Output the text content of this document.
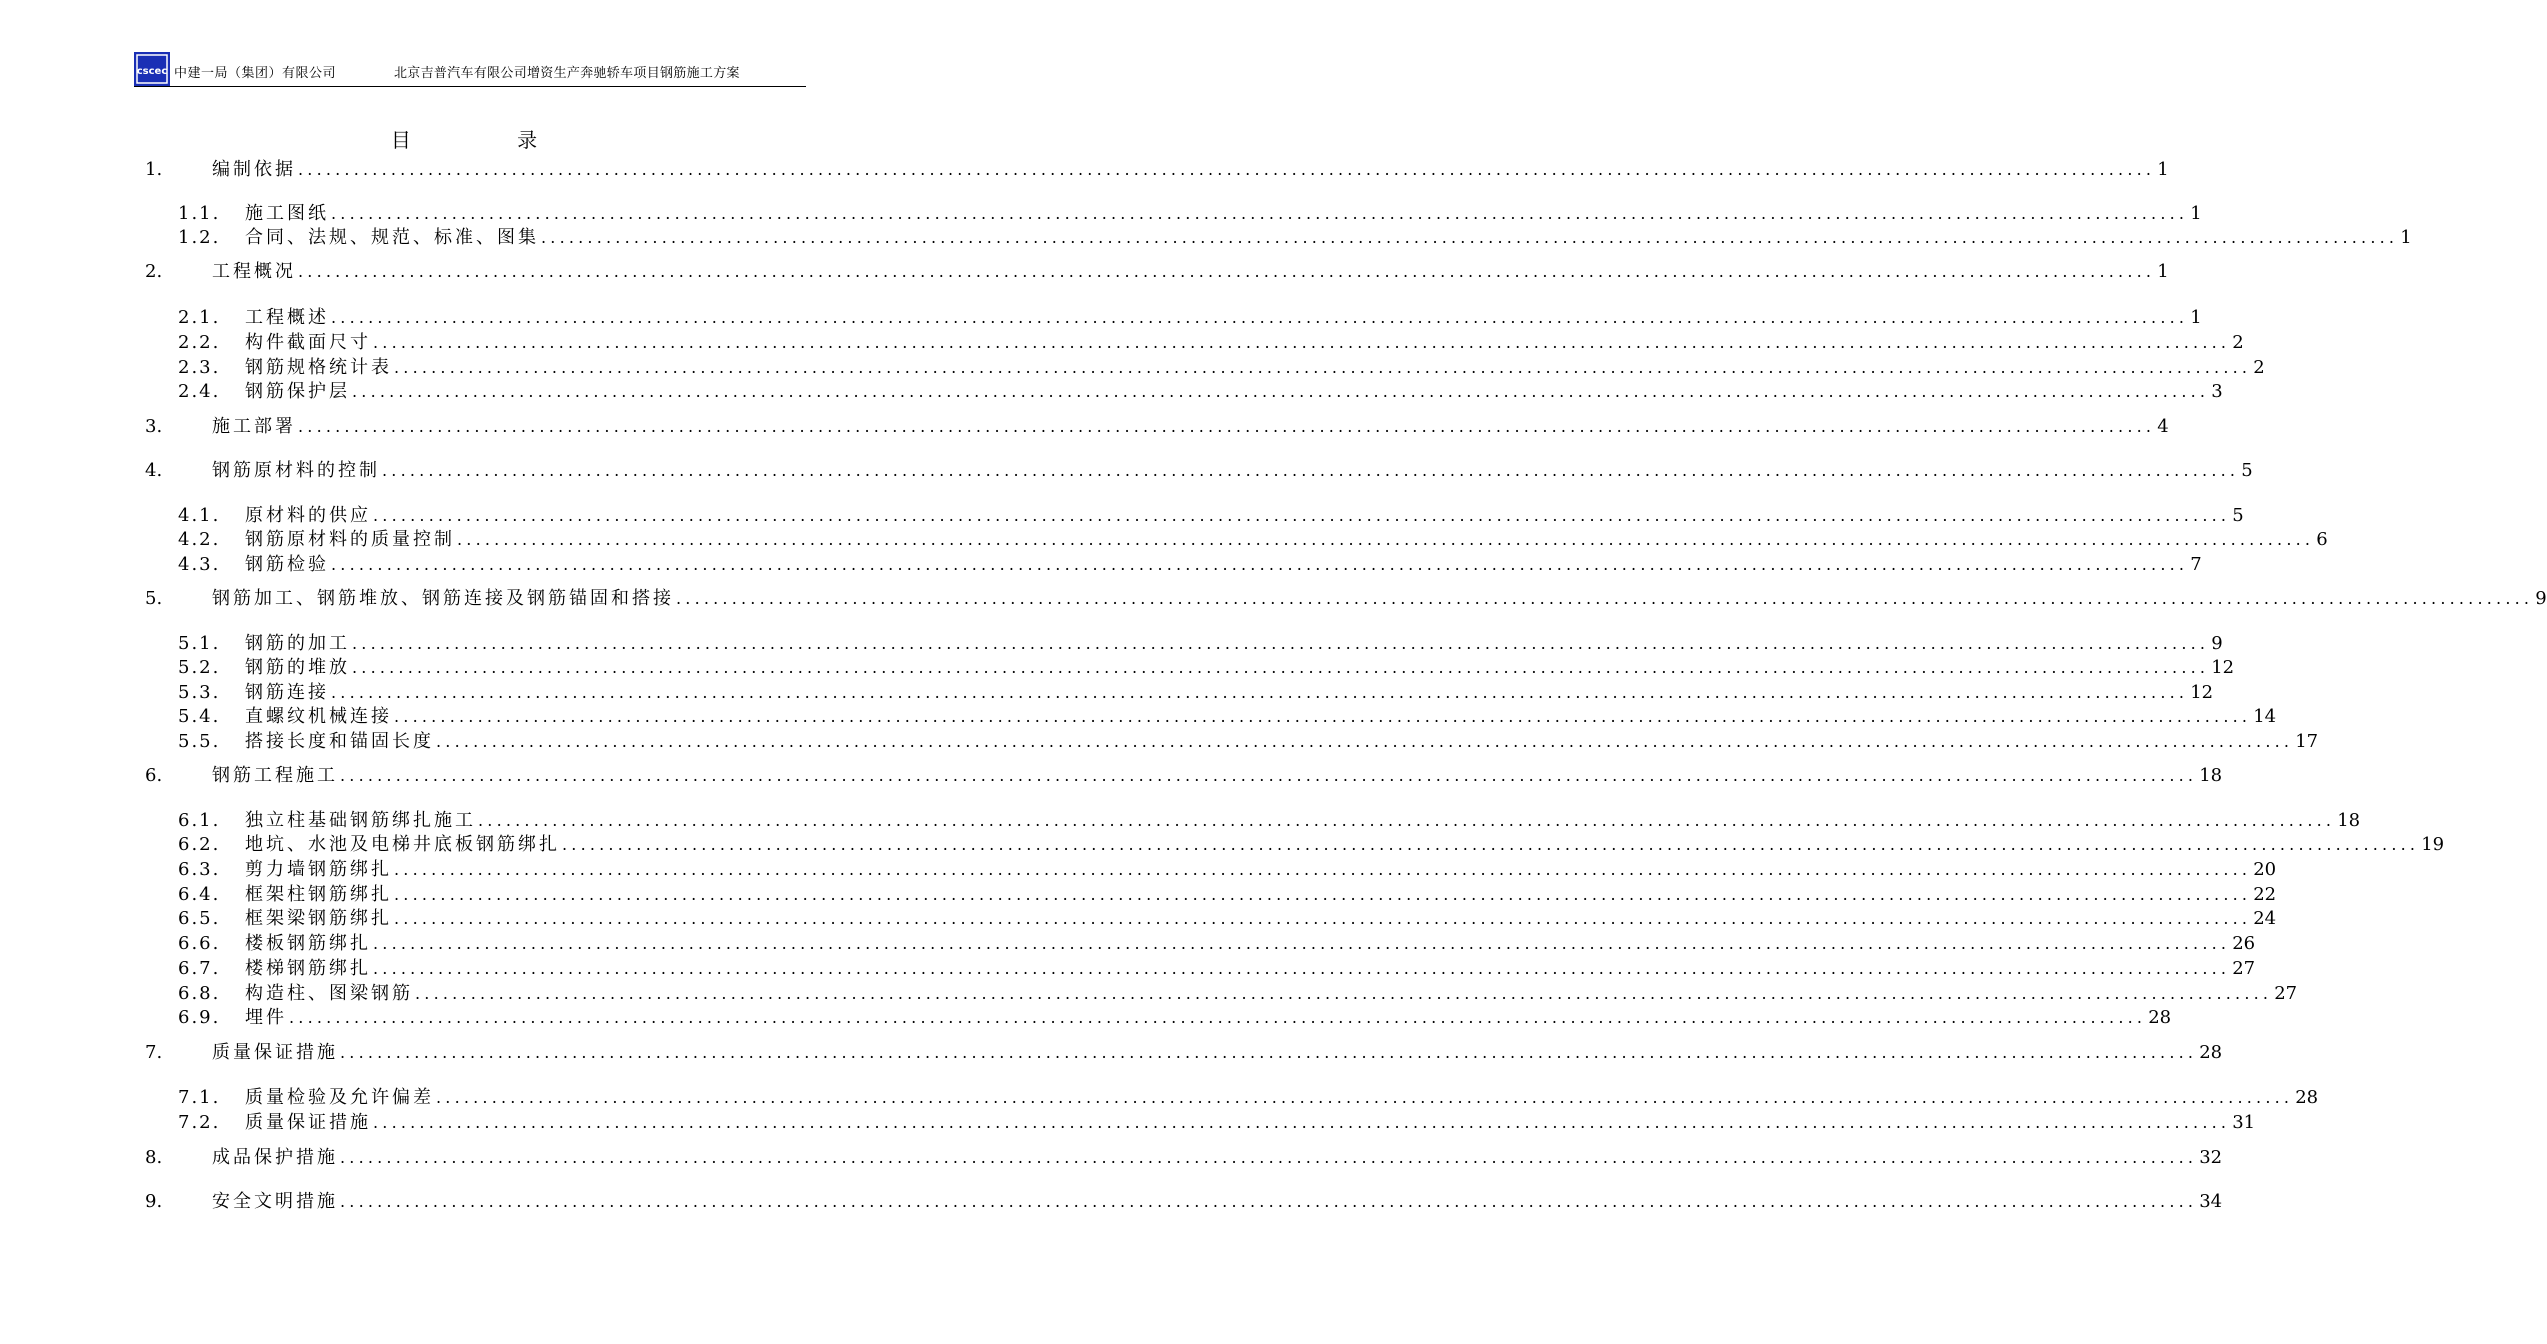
cscec 中建一局（集团）有限公司	北京吉普汽车有限公司增资生产奔驰轿车项目钢筋施工方案
目 录
1.	编制依据 ........................................................................................................................................................................................................ 1
1.1.	施工图纸 ........................................................................................................................................................................................................ 1
1.2.	合同、法规、规范、标准、图集 ........................................................................................................................................................................................................ 1
2.	工程概况 ........................................................................................................................................................................................................ 1
2.1.	工程概述 ........................................................................................................................................................................................................ 1
2.2.	构件截面尺寸 ........................................................................................................................................................................................................ 2
2.3.	钢筋规格统计表 ........................................................................................................................................................................................................ 2
2.4.	钢筋保护层 ........................................................................................................................................................................................................ 3
3.	施工部署 ........................................................................................................................................................................................................ 4
4.	钢筋原材料的控制 ........................................................................................................................................................................................................ 5
4.1.	原材料的供应 ........................................................................................................................................................................................................ 5
4.2.	钢筋原材料的质量控制 ........................................................................................................................................................................................................ 6
4.3.	钢筋检验 ........................................................................................................................................................................................................ 7
5.	钢筋加工、钢筋堆放、钢筋连接及钢筋锚固和搭接 ........................................................................................................................................................................................................ 9
5.1.	钢筋的加工 ........................................................................................................................................................................................................ 9
5.2.	钢筋的堆放 ........................................................................................................................................................................................................ 12
5.3.	钢筋连接 ........................................................................................................................................................................................................ 12
5.4.	直螺纹机械连接 ........................................................................................................................................................................................................ 14
5.5.	搭接长度和锚固长度 ........................................................................................................................................................................................................ 17
6.	钢筋工程施工 ........................................................................................................................................................................................................ 18
6.1.	独立柱基础钢筋绑扎施工 ........................................................................................................................................................................................................ 18
6.2.	地坑、水池及电梯井底板钢筋绑扎 ........................................................................................................................................................................................................ 19
6.3.	剪力墙钢筋绑扎 ........................................................................................................................................................................................................ 20
6.4.	框架柱钢筋绑扎 ........................................................................................................................................................................................................ 22
6.5.	框架梁钢筋绑扎 ........................................................................................................................................................................................................ 24
6.6.	楼板钢筋绑扎 ........................................................................................................................................................................................................ 26
6.7.	楼梯钢筋绑扎 ........................................................................................................................................................................................................ 27
6.8.	构造柱、图梁钢筋 ........................................................................................................................................................................................................ 27
6.9.	埋件 ........................................................................................................................................................................................................ 28
7.	质量保证措施 ........................................................................................................................................................................................................ 28
7.1.	质量检验及允许偏差 ........................................................................................................................................................................................................ 28
7.2.	质量保证措施 ........................................................................................................................................................................................................ 31
8.	成品保护措施 ........................................................................................................................................................................................................ 32
9.	安全文明措施 ........................................................................................................................................................................................................ 34
